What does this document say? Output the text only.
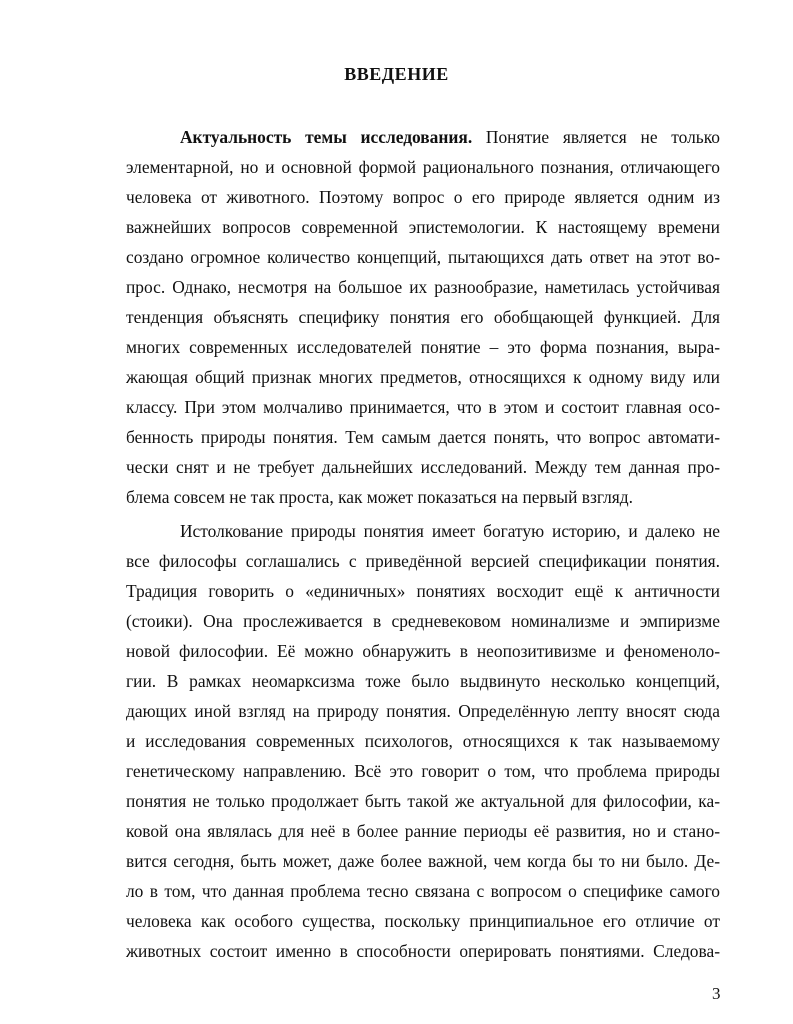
ВВЕДЕНИЕ
Актуальность темы исследования. Понятие является не только
элементарной, но и основной формой рационального познания, отличающего
человека от животного. Поэтому вопрос о его природе является одним из
важнейших вопросов современной эпистемологии. К настоящему времени
создано огромное количество концепций, пытающихся дать ответ на этот во-
прос. Однако, несмотря на большое их разнообразие, наметилась устойчивая
тенденция объяснять специфику понятия его обобщающей функцией. Для
многих современных исследователей понятие – это форма познания, выра-
жающая общий признак многих предметов, относящихся к одному виду или
классу. При этом молчаливо принимается, что в этом и состоит главная осо-
бенность природы понятия. Тем самым дается понять, что вопрос автомати-
чески снят и не требует дальнейших исследований. Между тем данная про-
блема совсем не так проста, как может показаться на первый взгляд.
Истолкование природы понятия имеет богатую историю, и далеко не
все философы соглашались с приведённой версией спецификации понятия.
Традиция говорить о «единичных» понятиях восходит ещё к античности
(стоики). Она прослеживается в средневековом номинализме и эмпиризме
новой философии. Её можно обнаружить в неопозитивизме и феноменоло-
гии. В рамках неомарксизма тоже было выдвинуто несколько концепций,
дающих иной взгляд на природу понятия. Определённую лепту вносят сюда
и исследования современных психологов, относящихся к так называемому
генетическому направлению. Всё это говорит о том, что проблема природы
понятия не только продолжает быть такой же актуальной для философии, ка-
ковой она являлась для неё в более ранние периоды её развития, но и стано-
вится сегодня, быть может, даже более важной, чем когда бы то ни было. Де-
ло в том, что данная проблема тесно связана с вопросом о специфике самого
человека как особого существа, поскольку принципиальное его отличие от
животных состоит именно в способности оперировать понятиями. Следова-
3
